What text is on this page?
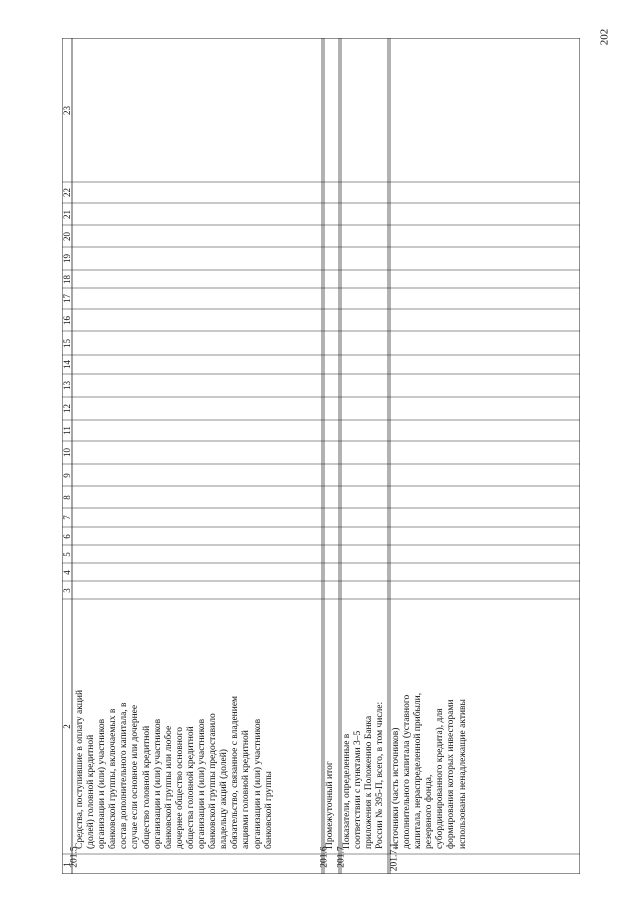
202
1
2
3
4
5
6
7
8
9
10
11
12
13
14
15
16
17
18
19
20
21
22
23
201.5
Средства, поступившие в оплату акций (долей) головной кредитной организации и (или) участников банковской группы, включаемых в состав дополнительного капитала, в случае если основное или дочернее общество головной кредитной организации и (или) участников банковской группы или любое дочернее общество основного общества головной кредитной организации и (или) участников банковской группы предоставило владельцу акций (долей) обязательство, связанное с владением акциями головной кредитной организации и (или) участников банковской группы
201.6
Промежуточный итог
201.7
Показатели, определенные в соответствии с пунктами 3–5 приложения к Положению Банка России № 395-П, всего, в том числе:
201.7.1
источники (часть источников) дополнительного капитала (уставного капитала, нераспределенной прибыли, резервного фонда, субординированного кредита), для формирования которых инвесторами использованы ненадлежащие активы
